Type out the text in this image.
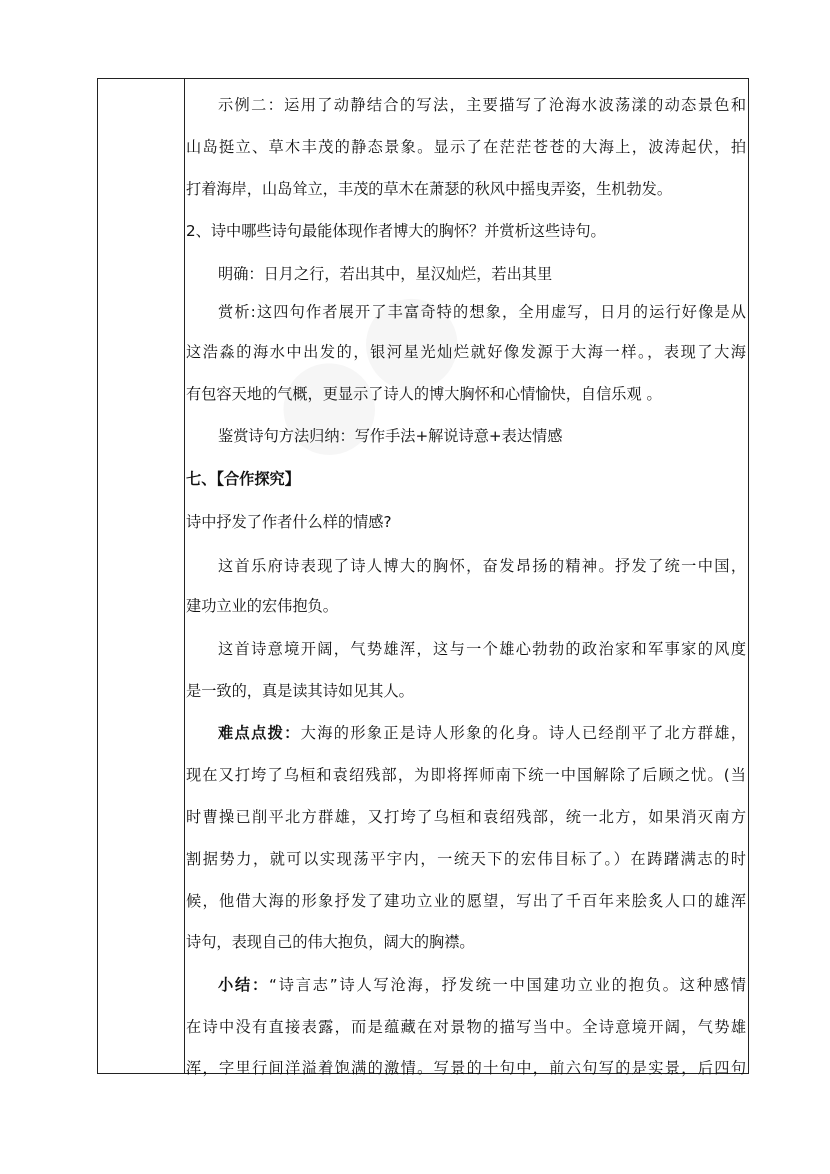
示例二：运用了动静结合的写法，主要描写了沧海水波荡漾的动态景色和
山岛挺立、草木丰茂的静态景象。显示了在茫茫苍苍的大海上，波涛起伏，拍
打着海岸，山岛耸立，丰茂的草木在萧瑟的秋风中摇曳弄姿，生机勃发。
2、诗中哪些诗句最能体现作者博大的胸怀？并赏析这些诗句。
明确：日月之行，若出其中，星汉灿烂，若出其里
赏析:这四句作者展开了丰富奇特的想象，全用虚写，日月的运行好像是从
这浩淼的海水中出发的，银河星光灿烂就好像发源于大海一样。，表现了大海
有包容天地的气概，更显示了诗人的博大胸怀和心情愉快，自信乐观 。
鉴赏诗句方法归纳：写作手法+解说诗意+表达情感
七、【合作探究】
诗中抒发了作者什么样的情感?
这首乐府诗表现了诗人博大的胸怀，奋发昂扬的精神。抒发了统一中国，
建功立业的宏伟抱负。
这首诗意境开阔，气势雄浑，这与一个雄心勃勃的政治家和军事家的风度
是一致的，真是读其诗如见其人。
难点点拨：大海的形象正是诗人形象的化身。诗人已经削平了北方群雄，
现在又打垮了乌桓和袁绍残部，为即将挥师南下统一中国解除了后顾之忧。(当
时曹操已削平北方群雄，又打垮了乌桓和袁绍残部，统一北方，如果消灭南方
割据势力，就可以实现荡平宇内，一统天下的宏伟目标了。）在踌躇满志的时
候，他借大海的形象抒发了建功立业的愿望，写出了千百年来脍炙人口的雄浑
诗句，表现自己的伟大抱负，阔大的胸襟。
小结：“诗言志”诗人写沧海，抒发统一中国建功立业的抱负。这种感情
在诗中没有直接表露，而是蕴藏在对景物的描写当中。全诗意境开阔，气势雄
浑，字里行间洋溢着饱满的激情。写景的十句中，前六句写的是实景，后四句
